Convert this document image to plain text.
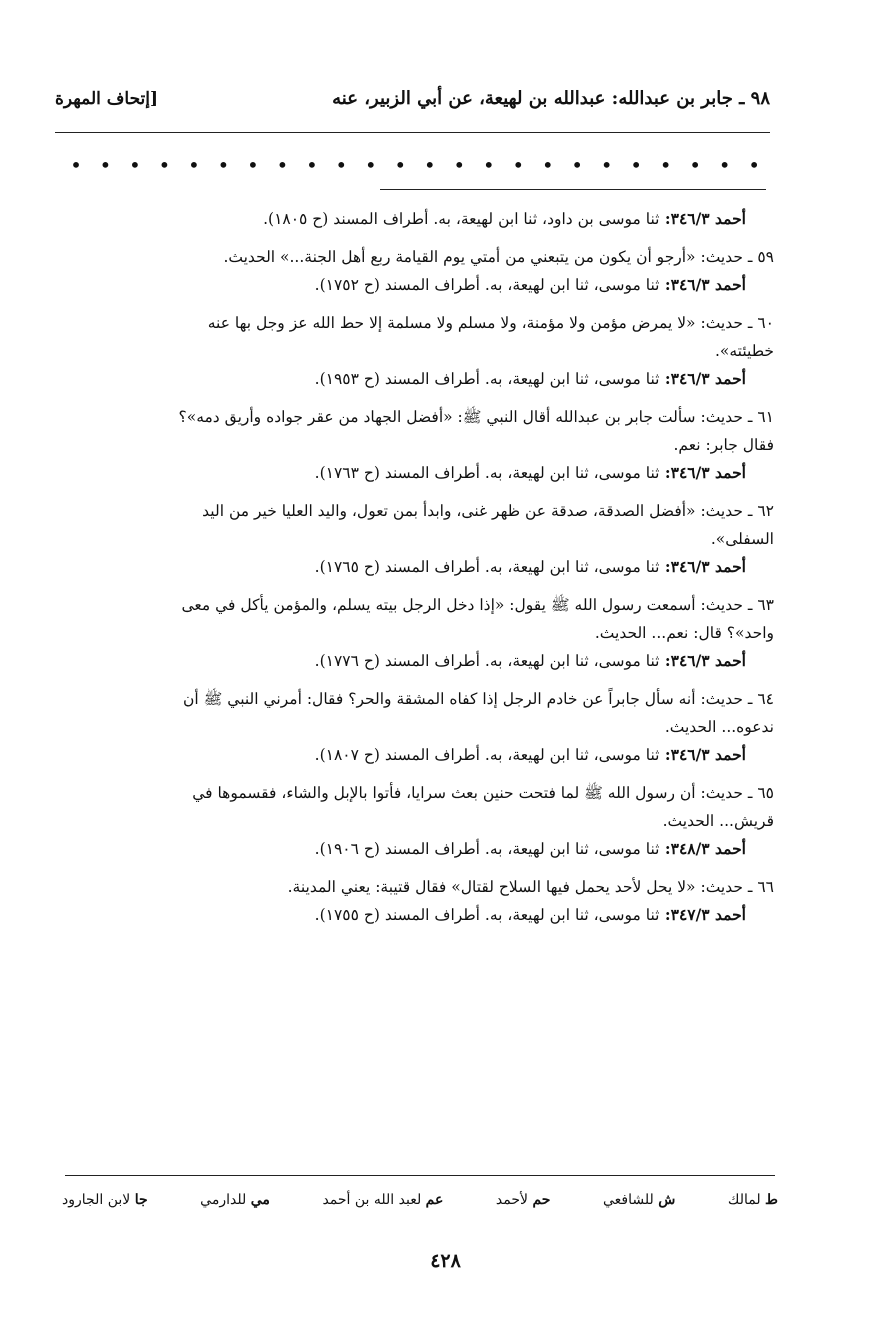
٩٨ ـ جابر بن عبدالله: عبدالله بن لهيعة، عن أبي الزبير، عنه
[إتحاف المهرة
•
•
•
•
•
•
•
•
•
•
•
•
•
•
•
•
•
•
•
•
•
•
•
•
أحمد ٣٤٦/٣: ثنا موسى بن داود، ثنا ابن لهيعة، به. أطراف المسند (ح ١٨٠٥).
٥٩ ـ حديث: «أرجو أن يكون من يتبعني من أمتي يوم القيامة ربع أهل الجنة...» الحديث.
أحمد ٣٤٦/٣: ثنا موسى، ثنا ابن لهيعة، به. أطراف المسند (ح ١٧٥٢).
٦٠ ـ حديث: «لا يمرض مؤمن ولا مؤمنة، ولا مسلم ولا مسلمة إلا حط الله عز وجل بها عنه
خطيئته».
أحمد ٣٤٦/٣: ثنا موسى، ثنا ابن لهيعة، به. أطراف المسند (ح ١٩٥٣).
٦١ ـ حديث: سألت جابر بن عبدالله أقال النبي ﷺ: «أفضل الجهاد من عقر جواده وأريق دمه»؟
فقال جابر: نعم.
أحمد ٣٤٦/٣: ثنا موسى، ثنا ابن لهيعة، به. أطراف المسند (ح ١٧٦٣).
٦٢ ـ حديث: «أفضل الصدقة، صدقة عن ظهر غنى، وابدأ بمن تعول، واليد العليا خير من اليد
السفلى».
أحمد ٣٤٦/٣: ثنا موسى، ثنا ابن لهيعة، به. أطراف المسند (ح ١٧٦٥).
٦٣ ـ حديث: أسمعت رسول الله ﷺ يقول: «إذا دخل الرجل بيته يسلم، والمؤمن يأكل في معى
واحد»؟ قال: نعم... الحديث.
أحمد ٣٤٦/٣: ثنا موسى، ثنا ابن لهيعة، به. أطراف المسند (ح ١٧٧٦).
٦٤ ـ حديث: أنه سأل جابراً عن خادم الرجل إذا كفاه المشقة والحر؟ فقال: أمرني النبي ﷺ أن
ندعوه... الحديث.
أحمد ٣٤٦/٣: ثنا موسى، ثنا ابن لهيعة، به. أطراف المسند (ح ١٨٠٧).
٦٥ ـ حديث: أن رسول الله ﷺ لما فتحت حنين بعث سرايا، فأتوا بالإبل والشاء، فقسموها في
قريش... الحديث.
أحمد ٣٤٨/٣: ثنا موسى، ثنا ابن لهيعة، به. أطراف المسند (ح ١٩٠٦).
٦٦ ـ حديث: «لا يحل لأحد يحمل فيها السلاح لقتال» فقال قتيبة: يعني المدينة.
أحمد ٣٤٧/٣: ثنا موسى، ثنا ابن لهيعة، به. أطراف المسند (ح ١٧٥٥).
ط لمالك
ش للشافعي
حم لأحمد
عم لعبد الله بن أحمد
مي للدارمي
جا لابن الجارود
٤٢٨
